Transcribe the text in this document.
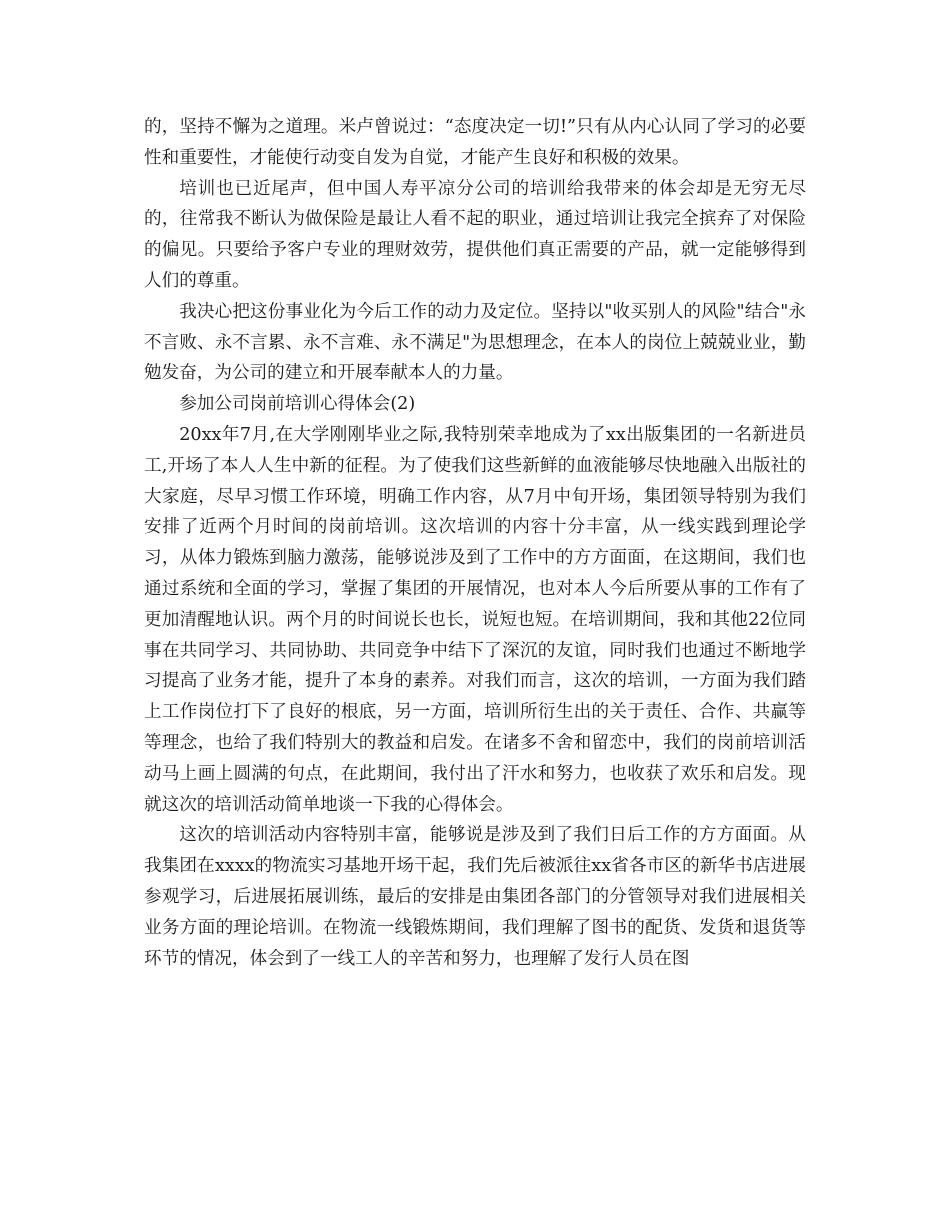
的，坚持不懈为之道理。米卢曾说过：“态度决定一切!”只有从内心认同了学习的必要性和重要性，才能使行动变自发为自觉，才能产生良好和积极的效果。

培训也已近尾声，但中国人寿平凉分公司的培训给我带来的体会却是无穷无尽的，往常我不断认为做保险是最让人看不起的职业，通过培训让我完全摈弃了对保险的偏见。只要给予客户专业的理财效劳，提供他们真正需要的产品，就一定能够得到人们的尊重。

我决心把这份事业化为今后工作的动力及定位。坚持以"收买别人的风险"结合"永不言败、永不言累、永不言难、永不满足"为思想理念，在本人的岗位上兢兢业业，勤勉发奋，为公司的建立和开展奉献本人的力量。

参加公司岗前培训心得体会(2)

20xx年7月,在大学刚刚毕业之际,我特别荣幸地成为了xx出版集团的一名新进员工,开场了本人人生中新的征程。为了使我们这些新鲜的血液能够尽快地融入出版社的大家庭，尽早习惯工作环境，明确工作内容，从7月中旬开场，集团领导特别为我们安排了近两个月时间的岗前培训。这次培训的内容十分丰富，从一线实践到理论学习，从体力锻炼到脑力激荡，能够说涉及到了工作中的方方面面，在这期间，我们也通过系统和全面的学习，掌握了集团的开展情况，也对本人今后所要从事的工作有了更加清醒地认识。两个月的时间说长也长，说短也短。在培训期间，我和其他22位同事在共同学习、共同协助、共同竞争中结下了深沉的友谊，同时我们也通过不断地学习提高了业务才能，提升了本身的素养。对我们而言，这次的培训，一方面为我们踏上工作岗位打下了良好的根底，另一方面，培训所衍生出的关于责任、合作、共赢等等理念，也给了我们特别大的教益和启发。在诸多不舍和留恋中，我们的岗前培训活动马上画上圆满的句点，在此期间，我付出了汗水和努力，也收获了欢乐和启发。现就这次的培训活动简单地谈一下我的心得体会。

这次的培训活动内容特别丰富，能够说是涉及到了我们日后工作的方方面面。从我集团在xxxx的物流实习基地开场干起，我们先后被派往xx省各市区的新华书店进展参观学习，后进展拓展训练，最后的安排是由集团各部门的分管领导对我们进展相关业务方面的理论培训。在物流一线锻炼期间，我们理解了图书的配货、发货和退货等环节的情况，体会到了一线工人的辛苦和努力，也理解了发行人员在图
